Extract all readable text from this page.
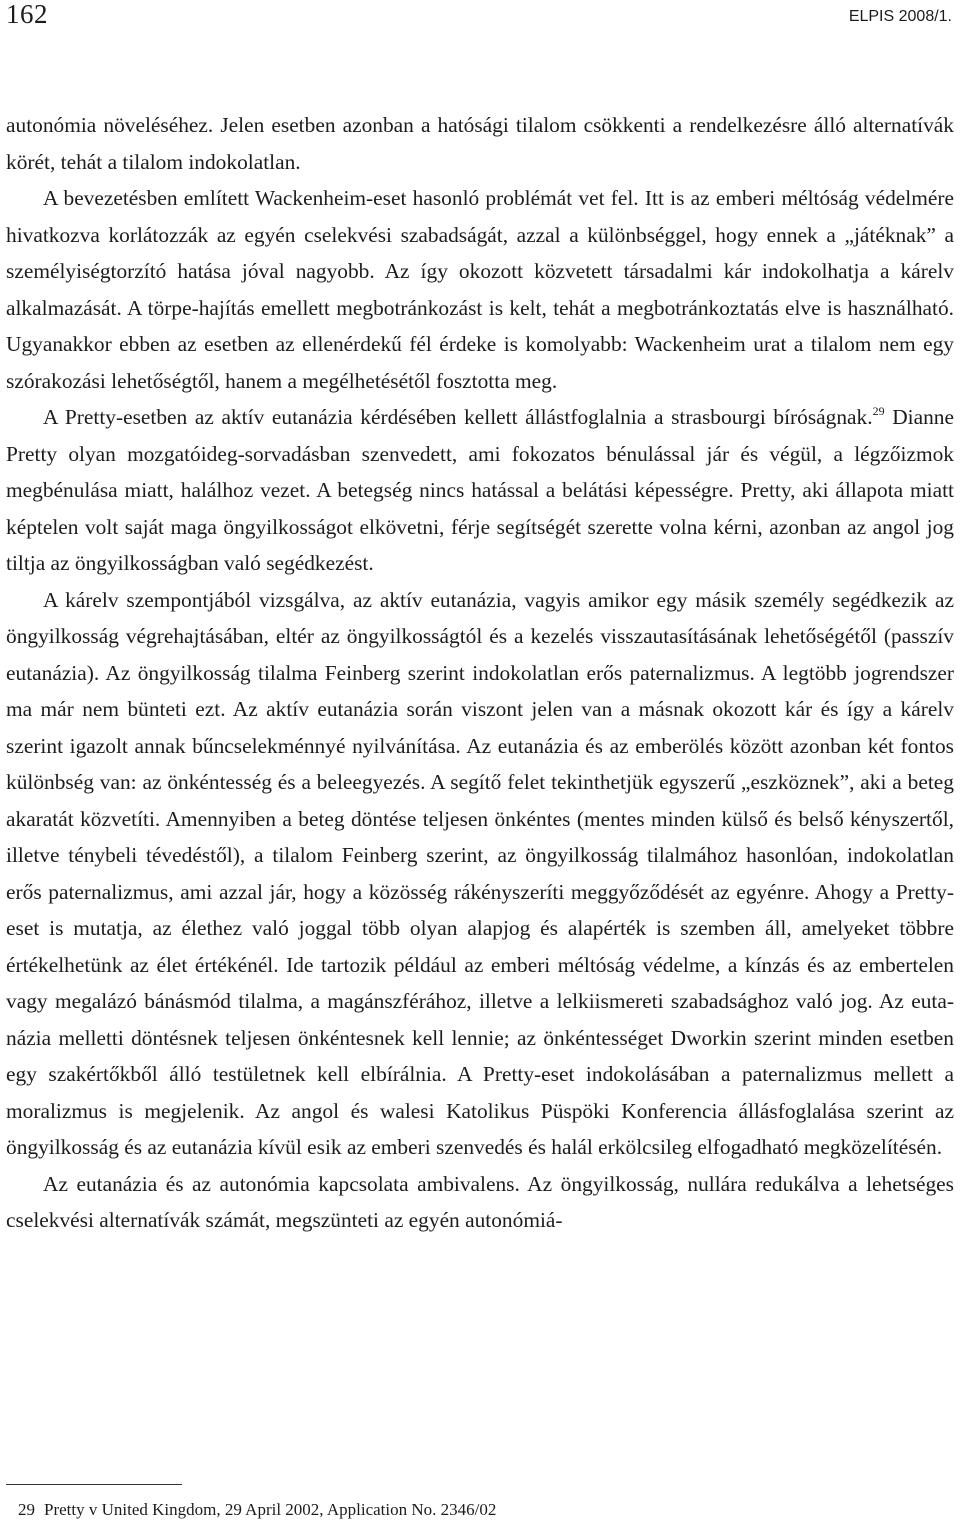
162	ELPIS 2008/1.

autonómia növeléséhez. Jelen esetben azonban a hatósági tilalom csökkenti a rendelkezésre álló alternatívák körét, tehát a tilalom indokolatlan.

A bevezetésben említett Wackenheim-eset hasonló problémát vet fel. Itt is az emberi méltóság védelmére hivatkozva korlátozzák az egyén cselekvési szabadságát, azzal a különbséggel, hogy ennek a „játéknak” a személyiségtorzító hatása jóval nagyobb. Az így okozott közvetett társadalmi kár indokolhatja a kárelv alkalmazását. A törpe-hajítás emellett megbotránkozást is kelt, tehát a megbotránkoztatás elve is használható. Ugyanakkor ebben az esetben az ellenérdekű fél érdeke is komolyabb: Wackenheim urat a tilalom nem egy szórakozási lehetőségtől, hanem a megélhetésétől fosztotta meg.

A Pretty-esetben az aktív eutanázia kérdésében kellett állástfoglalnia a strasbourgi bíróságnak.$^{29}$ Dianne Pretty olyan mozgatóideg-sorvadásban szenvedett, ami fokozatos bénulással jár és végül, a légzőizmok megbénulása miatt, halálhoz vezet. A betegség nincs hatással a belátási képességre. Pretty, aki állapota miatt képtelen volt saját maga öngyilkosságot elkövetni, férje segítségét szerette volna kérni, azonban az angol jog tiltja az öngyilkosságban való segédkezést.

A kárelv szempontjából vizsgálva, az aktív eutanázia, vagyis amikor egy másik személy segédkezik az öngyilkosság végrehajtásában, eltér az öngyilkosságtól és a kezelés visszautasításának lehetőségétől (passzív eutanázia). Az öngyilkosság tilalma Feinberg szerint indokolatlan erős paternalizmus. A legtöbb jogrendszer ma már nem bünteti ezt. Az aktív eutanázia során viszont jelen van a másnak okozott kár és így a kárelv szerint igazolt annak bűncselekménnyé nyilvánítása. Az eutanázia és az emberölés között azonban két fontos különbség van: az önkéntesség és a beleegyezés. A segítő felet tekinthetjük egyszerű „eszköznek”, aki a beteg akaratát közvetíti. Amennyiben a beteg döntése teljesen önkéntes (mentes minden külső és belső kényszertől, illetve ténybeli tévedéstől), a tilalom Feinberg szerint, az öngyilkosság tilalmához hasonlóan, indokolatlan erős paternalizmus, ami azzal jár, hogy a közösség rákényszeríti meggyőződését az egyénre. Ahogy a Pretty-eset is mutatja, az élethez való joggal több olyan alapjog és alapérték is szemben áll, amelyeket többre értékelhetünk az élet értékénél. Ide tartozik például az emberi méltóság védelme, a kínzás és az embertelen vagy megalázó bánásmód tilalma, a magánszférához, illetve a lelkiismereti szabadsághoz való jog. Az eutanázia melletti döntésnek teljesen önkéntesnek kell lennie; az önkéntességet Dworkin szerint minden esetben egy szakértőkből álló testületnek kell elbírálnia. A Pretty-eset indokolásában a paternalizmus mellett a moralizmus is megjelenik. Az angol és walesi Katolikus Püspöki Konferencia állásfoglalása szerint az öngyilkosság és az eutanázia kívül esik az emberi szenvedés és halál erkölcsileg elfogadható megközelítésén.

Az eutanázia és az autonómia kapcsolata ambivalens. Az öngyilkosság, nullára redukálva a lehetséges cselekvési alternatívák számát, megszünteti az egyén autonómiá-

29 Pretty v United Kingdom, 29 April 2002, Application No. 2346/02
